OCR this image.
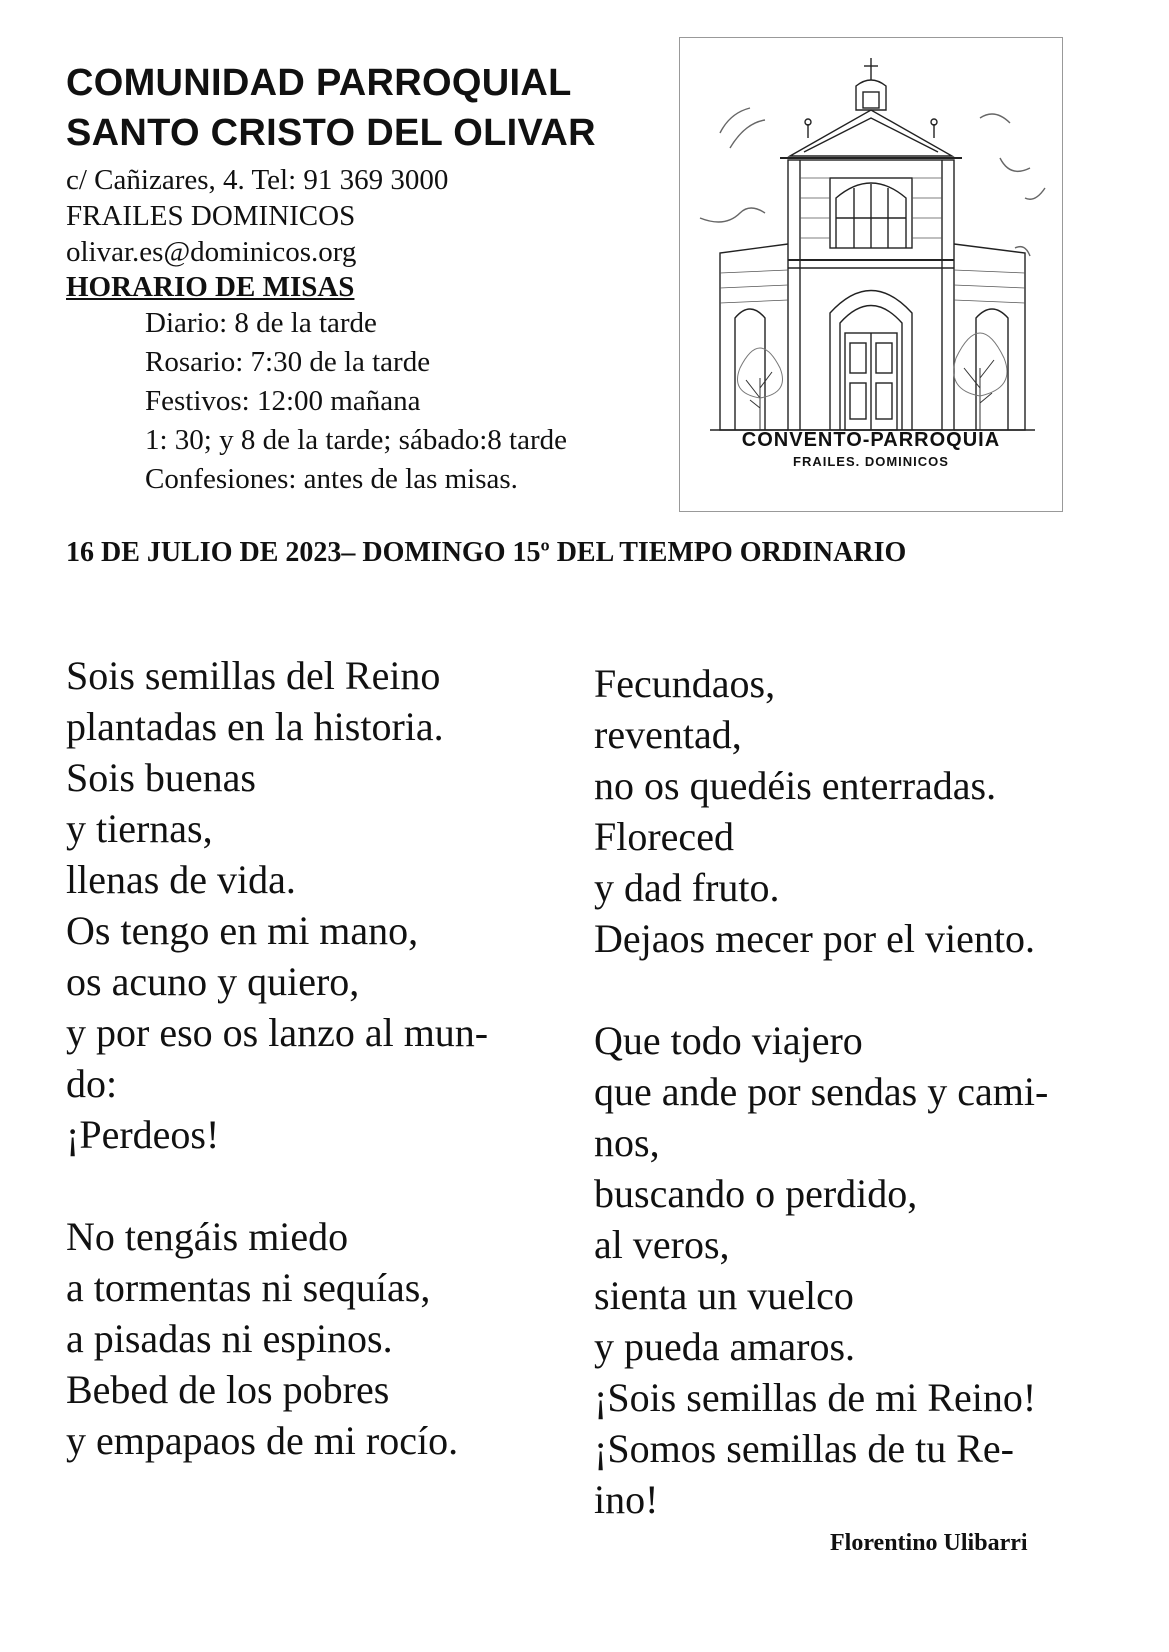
COMUNIDAD PARROQUIAL
SANTO CRISTO DEL OLIVAR
c/ Cañizares, 4. Tel: 91 369 3000
FRAILES DOMINICOS
olivar.es@dominicos.org
HORARIO DE MISAS
Diario: 8 de la tarde
Rosario: 7:30 de la tarde
Festivos: 12:00 mañana
1: 30; y 8 de la tarde; sábado:8 tarde
Confesiones: antes de las misas.
CONVENTO-PARROQUIA
FRAILES. DOMINICOS
16 DE JULIO DE 2023– DOMINGO 15º DEL TIEMPO ORDINARIO
Sois semillas del Reino
plantadas en la historia.
Sois buenas
y tiernas,
llenas de vida.
Os tengo en mi mano,
os acuno y quiero,
y por eso os lanzo al mun-
do:
¡Perdeos!
No tengáis miedo
a tormentas ni sequías,
a pisadas ni espinos.
Bebed de los pobres
y empapaos de mi rocío.
Fecundaos,
reventad,
no os quedéis enterradas.
Floreced
y dad fruto.
Dejaos mecer por el viento.
Que todo viajero
que ande por sendas y cami-
nos,
buscando o perdido,
al veros,
sienta un vuelco
y pueda amaros.
¡Sois semillas de mi Reino!
¡Somos semillas de tu Re-
ino!
Florentino Ulibarri
